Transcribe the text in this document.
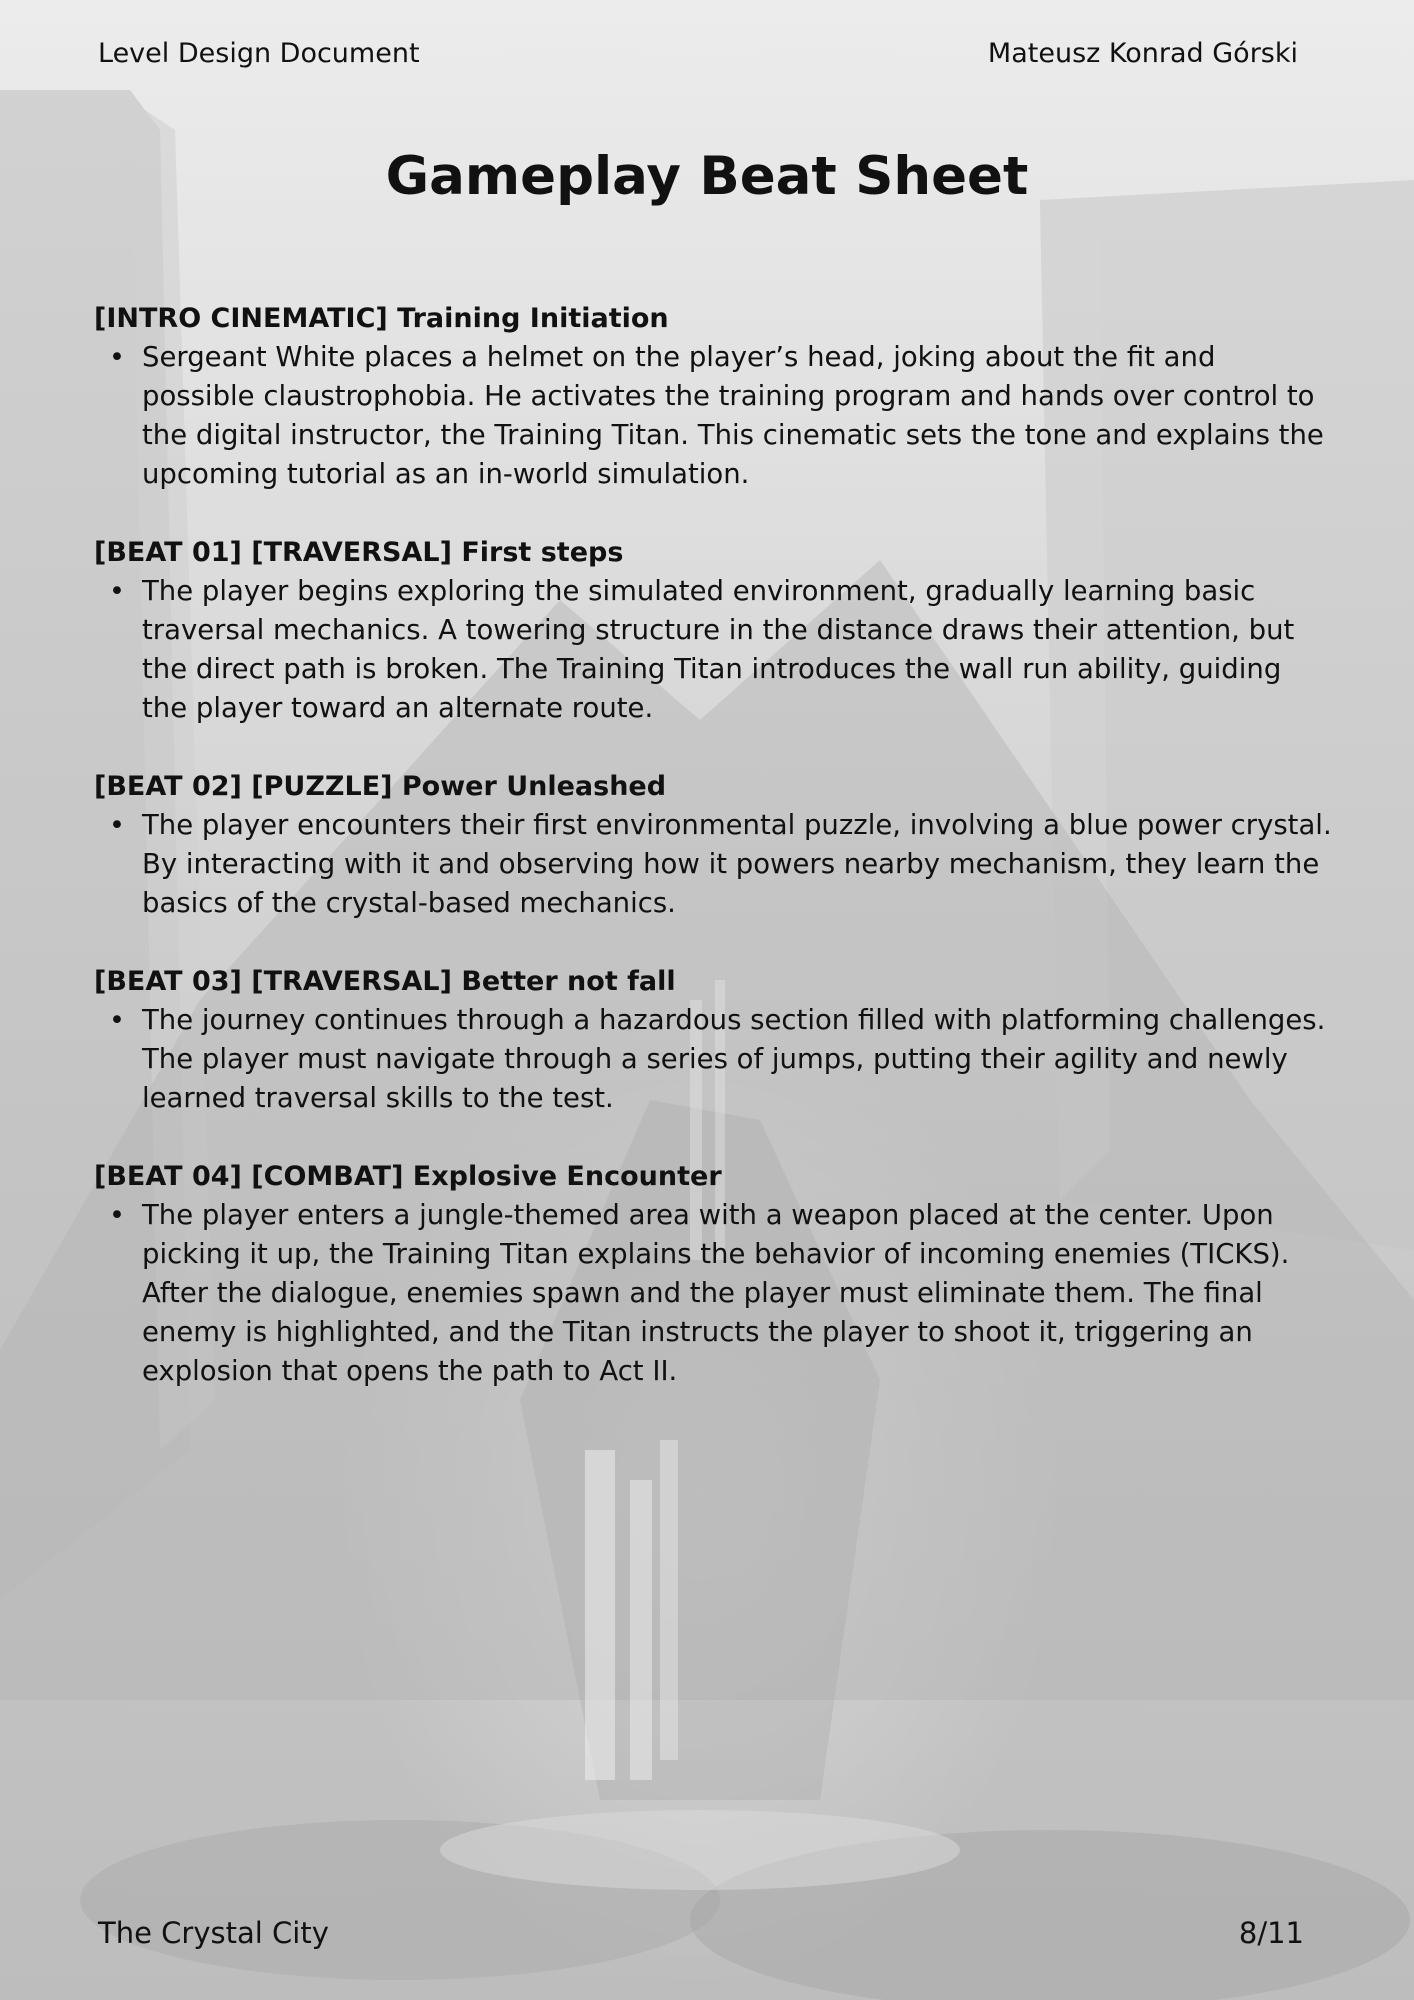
Level Design Document	Mateusz Konrad Górski
Gameplay Beat Sheet

[INTRO CINEMATIC] Training Initiation

• Sergeant White places a helmet on the player’s head, joking about the fit and possible claustrophobia. He activates the training program and hands over control to the digital instructor, the Training Titan. This cinematic sets the tone and explains the upcoming tutorial as an in-world simulation.

[BEAT 01] [TRAVERSAL] First steps

• The player begins exploring the simulated environment, gradually learning basic traversal mechanics. A towering structure in the distance draws their attention, but the direct path is broken. The Training Titan introduces the wall run ability, guiding the player toward an alternate route.

[BEAT 02] [PUZZLE] Power Unleashed

• The player encounters their first environmental puzzle, involving a blue power crystal. By interacting with it and observing how it powers nearby mechanism, they learn the basics of the crystal-based mechanics.

[BEAT 03] [TRAVERSAL] Better not fall

• The journey continues through a hazardous section filled with platforming challenges. The player must navigate through a series of jumps, putting their agility and newly learned traversal skills to the test.

[BEAT 04] [COMBAT] Explosive Encounter

• The player enters a jungle-themed area with a weapon placed at the center. Upon picking it up, the Training Titan explains the behavior of incoming enemies (TICKS). After the dialogue, enemies spawn and the player must eliminate them. The final enemy is highlighted, and the Titan instructs the player to shoot it, triggering an explosion that opens the path to Act II.
The Crystal City	8/11
